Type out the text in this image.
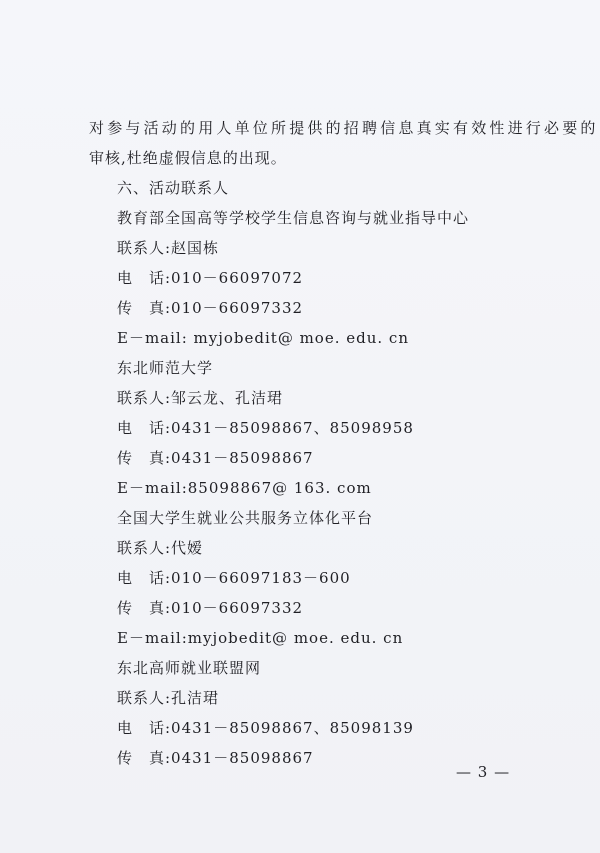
对参与活动的用人单位所提供的招聘信息真实有效性进行必要的
审核,杜绝虚假信息的出现。
六、活动联系人
教育部全国高等学校学生信息咨询与就业指导中心
联系人:赵国栋
电　话:010－66097072
传　真:010－66097332
E－mail: myjobedit@ moe. edu. cn
东北师范大学
联系人:邹云龙、孔洁珺
电　话:0431－85098867、85098958
传　真:0431－85098867
E－mail:85098867@ 163. com
全国大学生就业公共服务立体化平台
联系人:代嫒
电　话:010－66097183－600
传　真:010－66097332
E－mail:myjobedit@ moe. edu. cn
东北高师就业联盟网
联系人:孔洁珺
电　话:0431－85098867、85098139
传　真:0431－85098867
— 3 —
